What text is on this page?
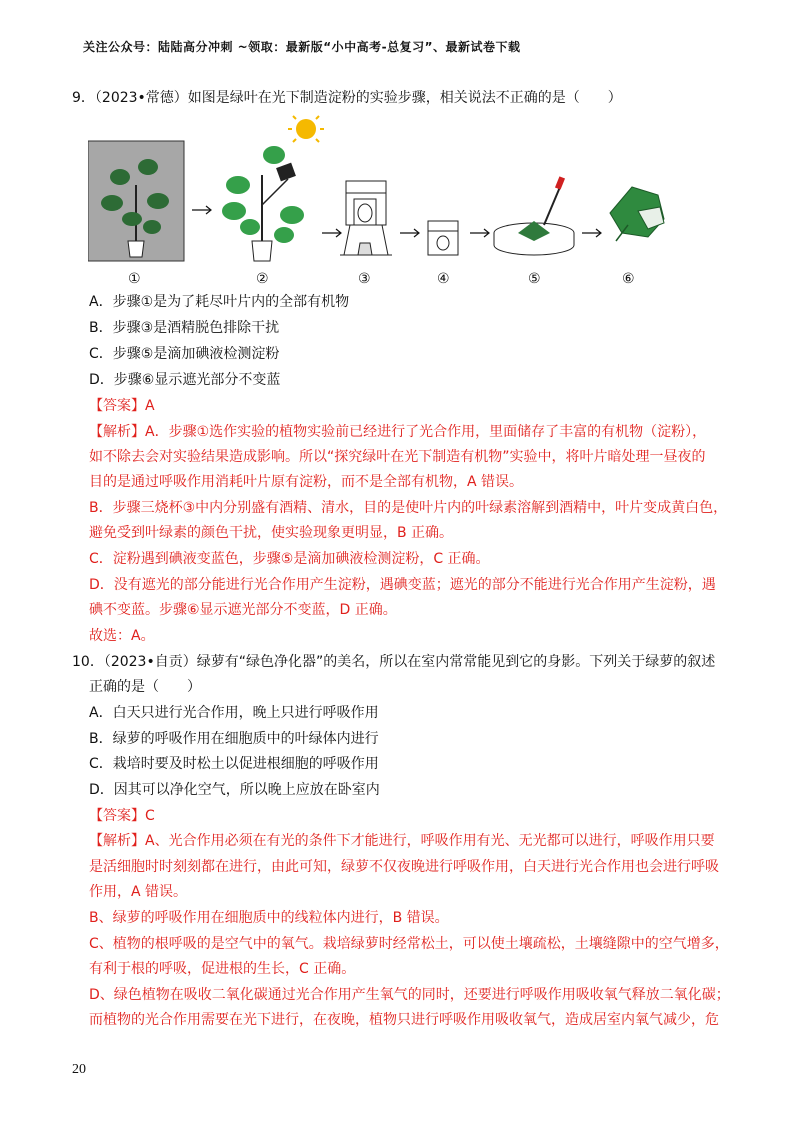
关注公众号：陆陆高分冲刺 ~领取：最新版“小中高考-总复习”、最新试卷下载
9．（2023•常德）如图是绿叶在光下制造淀粉的实验步骤，相关说法不正确的是（　　）
①	②	③	④	⑤	⑥
A．步骤①是为了耗尽叶片内的全部有机物
B．步骤③是酒精脱色排除干扰
C．步骤⑤是滴加碘液检测淀粉
D．步骤⑥显示遮光部分不变蓝
【答案】A
【解析】A．步骤①选作实验的植物实验前已经进行了光合作用，里面储存了丰富的有机物（淀粉），
如不除去会对实验结果造成影响。所以“探究绿叶在光下制造有机物”实验中，将叶片暗处理一昼夜的
目的是通过呼吸作用消耗叶片原有淀粉，而不是全部有机物，A 错误。
B．步骤三烧杯③中内分别盛有酒精、清水，目的是使叶片内的叶绿素溶解到酒精中，叶片变成黄白色，
避免受到叶绿素的颜色干扰，使实验现象更明显，B 正确。
C．淀粉遇到碘液变蓝色，步骤⑤是滴加碘液检测淀粉，C 正确。
D．没有遮光的部分能进行光合作用产生淀粉，遇碘变蓝；遮光的部分不能进行光合作用产生淀粉，遇
碘不变蓝。步骤⑥显示遮光部分不变蓝，D 正确。
故选：A。
10．（2023•自贡）绿萝有“绿色净化器”的美名，所以在室内常常能见到它的身影。下列关于绿萝的叙述
正确的是（　　）
A．白天只进行光合作用，晚上只进行呼吸作用
B．绿萝的呼吸作用在细胞质中的叶绿体内进行
C．栽培时要及时松土以促进根细胞的呼吸作用
D．因其可以净化空气，所以晚上应放在卧室内
【答案】C
【解析】A、光合作用必须在有光的条件下才能进行，呼吸作用有光、无光都可以进行，呼吸作用只要
是活细胞时时刻刻都在进行，由此可知，绿萝不仅夜晚进行呼吸作用，白天进行光合作用也会进行呼吸
作用，A 错误。
B、绿萝的呼吸作用在细胞质中的线粒体内进行，B 错误。
C、植物的根呼吸的是空气中的氧气。栽培绿萝时经常松土，可以使土壤疏松，土壤缝隙中的空气增多，
有利于根的呼吸，促进根的生长，C 正确。
D、绿色植物在吸收二氧化碳通过光合作用产生氧气的同时，还要进行呼吸作用吸收氧气释放二氧化碳；
而植物的光合作用需要在光下进行，在夜晚，植物只进行呼吸作用吸收氧气，造成居室内氧气减少，危
20
